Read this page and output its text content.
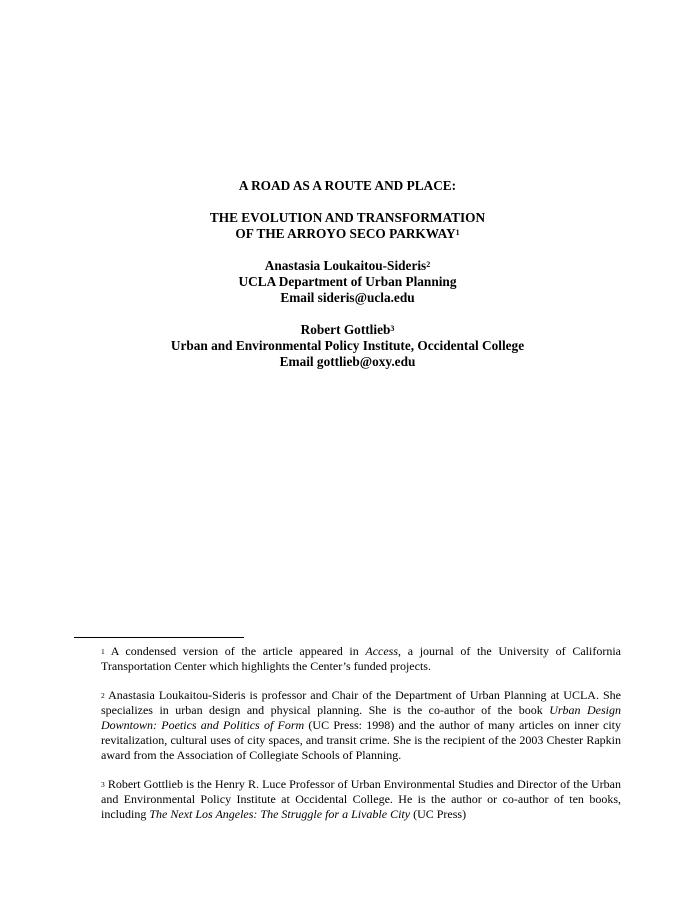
A ROAD AS A ROUTE AND PLACE:
THE EVOLUTION AND TRANSFORMATION
OF THE ARROYO SECO PARKWAY$^1$
Anastasia Loukaitou-Sideris$^2$
UCLA Department of Urban Planning
Email sideris@ucla.edu
Robert Gottlieb$^3$
Urban and Environmental Policy Institute, Occidental College
Email gottlieb@oxy.edu
$^1$ A condensed version of the article appeared in Access, a journal of the University of California Transportation Center which highlights the Center’s funded projects.
$^2$ Anastasia Loukaitou-Sideris is professor and Chair of the Department of Urban Planning at UCLA. She specializes in urban design and physical planning. She is the co-author of the book Urban Design Downtown: Poetics and Politics of Form (UC Press: 1998) and the author of many articles on inner city revitalization, cultural uses of city spaces, and transit crime. She is the recipient of the 2003 Chester Rapkin award from the Association of Collegiate Schools of Planning.
$^3$ Robert Gottlieb is the Henry R. Luce Professor of Urban Environmental Studies and Director of the Urban and Environmental Policy Institute at Occidental College. He is the author or co-author of ten books, including The Next Los Angeles: The Struggle for a Livable City (UC Press)
